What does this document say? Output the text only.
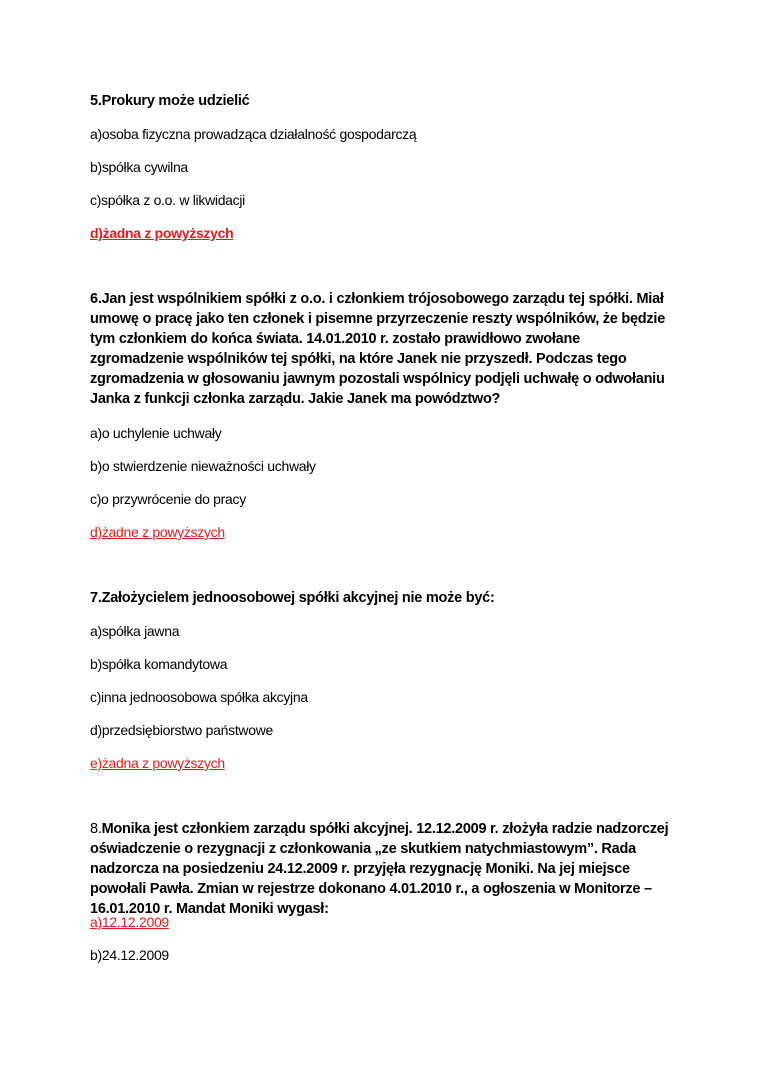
5.Prokury może udzielić
a)osoba fizyczna prowadząca działalność gospodarczą
b)spółka cywilna
c)spółka z o.o. w likwidacji
d)żadna z powyższych
6.Jan jest wspólnikiem spółki z o.o. i członkiem trójosobowego zarządu tej spółki. Miał umowę o pracę jako ten członek i pisemne przyrzeczenie reszty wspólników, że będzie tym członkiem do końca świata. 14.01.2010 r. zostało prawidłowo zwołane zgromadzenie wspólników tej spółki, na które Janek nie przyszedł. Podczas tego zgromadzenia w głosowaniu jawnym pozostali wspólnicy podjęli uchwałę o odwołaniu Janka z funkcji członka zarządu. Jakie Janek ma powództwo?
a)o uchylenie uchwały
b)o stwierdzenie nieważności uchwały
c)o przywrócenie do pracy
d)żadne z powyższych
7.Założycielem jednoosobowej spółki akcyjnej nie może być:
a)spółka jawna
b)spółka komandytowa
c)inna jednoosobowa spółka akcyjna
d)przedsiębiorstwo państwowe
e)żadna z powyższych
8.Monika jest członkiem zarządu spółki akcyjnej. 12.12.2009 r. złożyła radzie nadzorczej oświadczenie o rezygnacji z członkowania „ze skutkiem natychmiastowym”. Rada nadzorcza na posiedzeniu 24.12.2009 r. przyjęła rezygnację Moniki. Na jej miejsce powołali Pawła. Zmian w rejestrze dokonano 4.01.2010 r., a ogłoszenia w Monitorze – 16.01.2010 r. Mandat Moniki wygasł:
a)12.12.2009
b)24.12.2009
